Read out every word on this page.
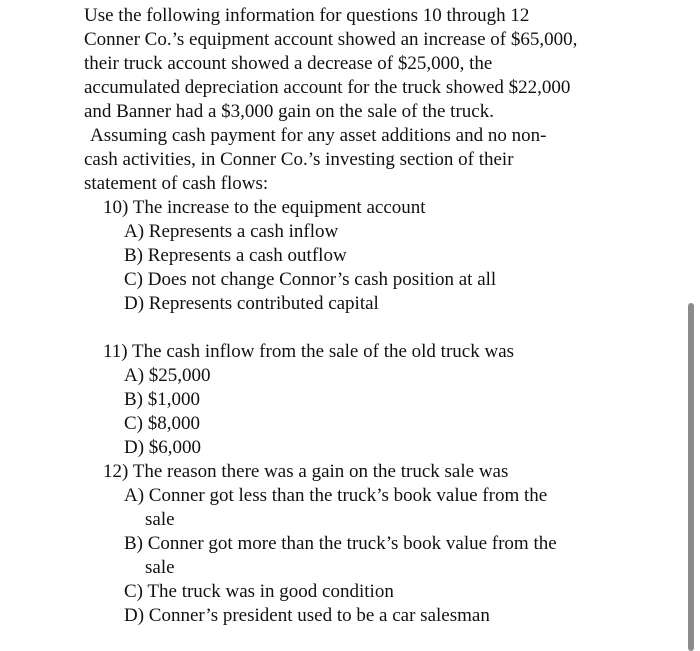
Use the following information for questions 10 through 12
Conner Co.’s equipment account showed an increase of $65,000,
their truck account showed a decrease of $25,000, the
accumulated depreciation account for the truck showed $22,000
and Banner had a $3,000 gain on the sale of the truck.
Assuming cash payment for any asset additions and no non-
cash activities, in Conner Co.’s investing section of their
statement of cash flows:
10) The increase to the equipment account
A) Represents a cash inflow
B) Represents a cash outflow
C) Does not change Connor’s cash position at all
D) Represents contributed capital
11) The cash inflow from the sale of the old truck was
A) $25,000
B) $1,000
C) $8,000
D) $6,000
12) The reason there was a gain on the truck sale was
A) Conner got less than the truck’s book value from the
sale
B) Conner got more than the truck’s book value from the
sale
C) The truck was in good condition
D) Conner’s president used to be a car salesman
